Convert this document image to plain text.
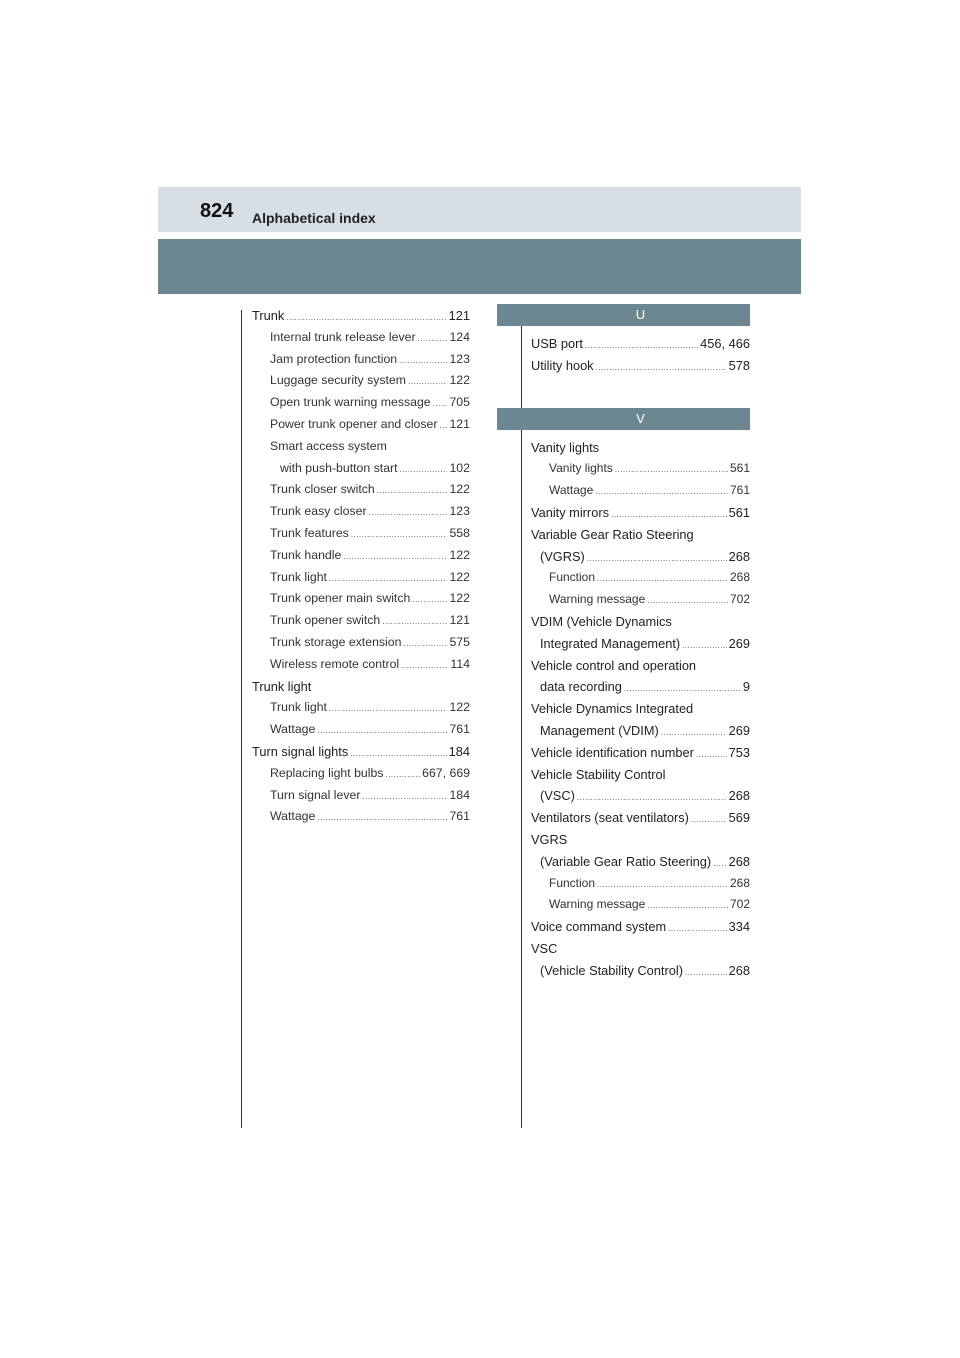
824 Alphabetical index
Trunk .....	121
Internal trunk release lever .....	124
Jam protection function .....	123
Luggage security system .....	122
Open trunk warning message ..... 705
Power trunk opener and closer ..... 121
Smart access system
with push-button start .....	102
Trunk closer switch .....	122
Trunk easy closer .....	123
Trunk features .....	558
Trunk handle .....	122
Trunk light .....	122
Trunk opener main switch .....	122
Trunk opener switch .....	121
Trunk storage extension .....	575
Wireless remote control .....	114
Trunk light
Trunk light .....	122
Wattage .....	761
Turn signal lights .....	184
Replacing light bulbs .....	667, 669
Turn signal lever .....	184
Wattage .....	761
U
USB port .....	456, 466
Utility hook .....	578
V
Vanity lights
Vanity lights .....	561
Wattage .....	761
Vanity mirrors .....	561
Variable Gear Ratio Steering
(VGRS) .....	268
Function .....	268
Warning message .....	702
VDIM (Vehicle Dynamics
Integrated Management) .....	269
Vehicle control and operation
data recording .....	9
Vehicle Dynamics Integrated
Management (VDIM) .....	269
Vehicle identification number .....	753
Vehicle Stability Control
(VSC) .....	268
Ventilators (seat ventilators) .....	569
VGRS
(Variable Gear Ratio Steering) ..... 268
Function .....	268
Warning message .....	702
Voice command system .....	334
VSC
(Vehicle Stability Control) .....	268
